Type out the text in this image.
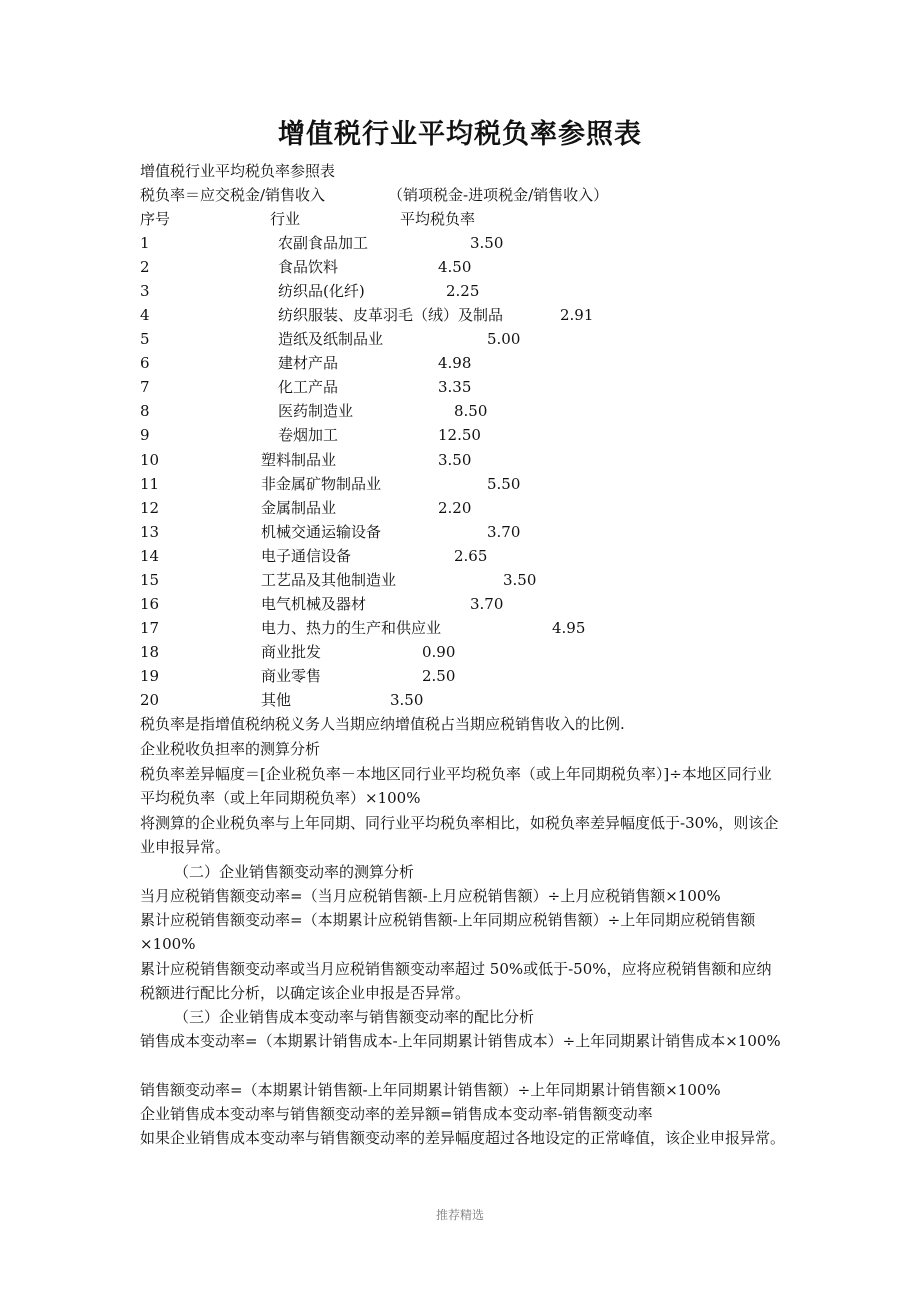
增值税行业平均税负率参照表
增值税行业平均税负率参照表
税负率＝应交税金/销售收入	（销项税金-进项税金/销售收入）
序号	行业	平均税负率
1	农副食品加工	3.50
2	食品饮料	4.50
3	纺织品(化纤)	2.25
4	纺织服装、皮革羽毛（绒）及制品	2.91
5	造纸及纸制品业	5.00
6	建材产品	4.98
7	化工产品	3.35
8	医药制造业	8.50
9	卷烟加工	12.50
10	塑料制品业	3.50
11	非金属矿物制品业	5.50
12	金属制品业	2.20
13	机械交通运输设备	3.70
14	电子通信设备	2.65
15	工艺品及其他制造业	3.50
16	电气机械及器材	3.70
17	电力、热力的生产和供应业	4.95
18	商业批发	0.90
19	商业零售	2.50
20	其他	3.50
税负率是指增值税纳税义务人当期应纳增值税占当期应税销售收入的比例.
企业税收负担率的测算分析
税负率差异幅度＝[企业税负率－本地区同行业平均税负率（或上年同期税负率）]÷本地区同行业平均税负率（或上年同期税负率）×100%
将测算的企业税负率与上年同期、同行业平均税负率相比，如税负率差异幅度低于-30%，则该企业申报异常。
（二）企业销售额变动率的测算分析
当月应税销售额变动率=（当月应税销售额-上月应税销售额）÷上月应税销售额×100%
累计应税销售额变动率=（本期累计应税销售额-上年同期应税销售额）÷上年同期应税销售额×100%
累计应税销售额变动率或当月应税销售额变动率超过 50%或低于-50%，应将应税销售额和应纳税额进行配比分析，以确定该企业申报是否异常。
（三）企业销售成本变动率与销售额变动率的配比分析
销售成本变动率=（本期累计销售成本-上年同期累计销售成本）÷上年同期累计销售成本×100%
销售额变动率=（本期累计销售额-上年同期累计销售额）÷上年同期累计销售额×100%
企业销售成本变动率与销售额变动率的差异额=销售成本变动率-销售额变动率
如果企业销售成本变动率与销售额变动率的差异幅度超过各地设定的正常峰值，该企业申报异常。
推荐精选
